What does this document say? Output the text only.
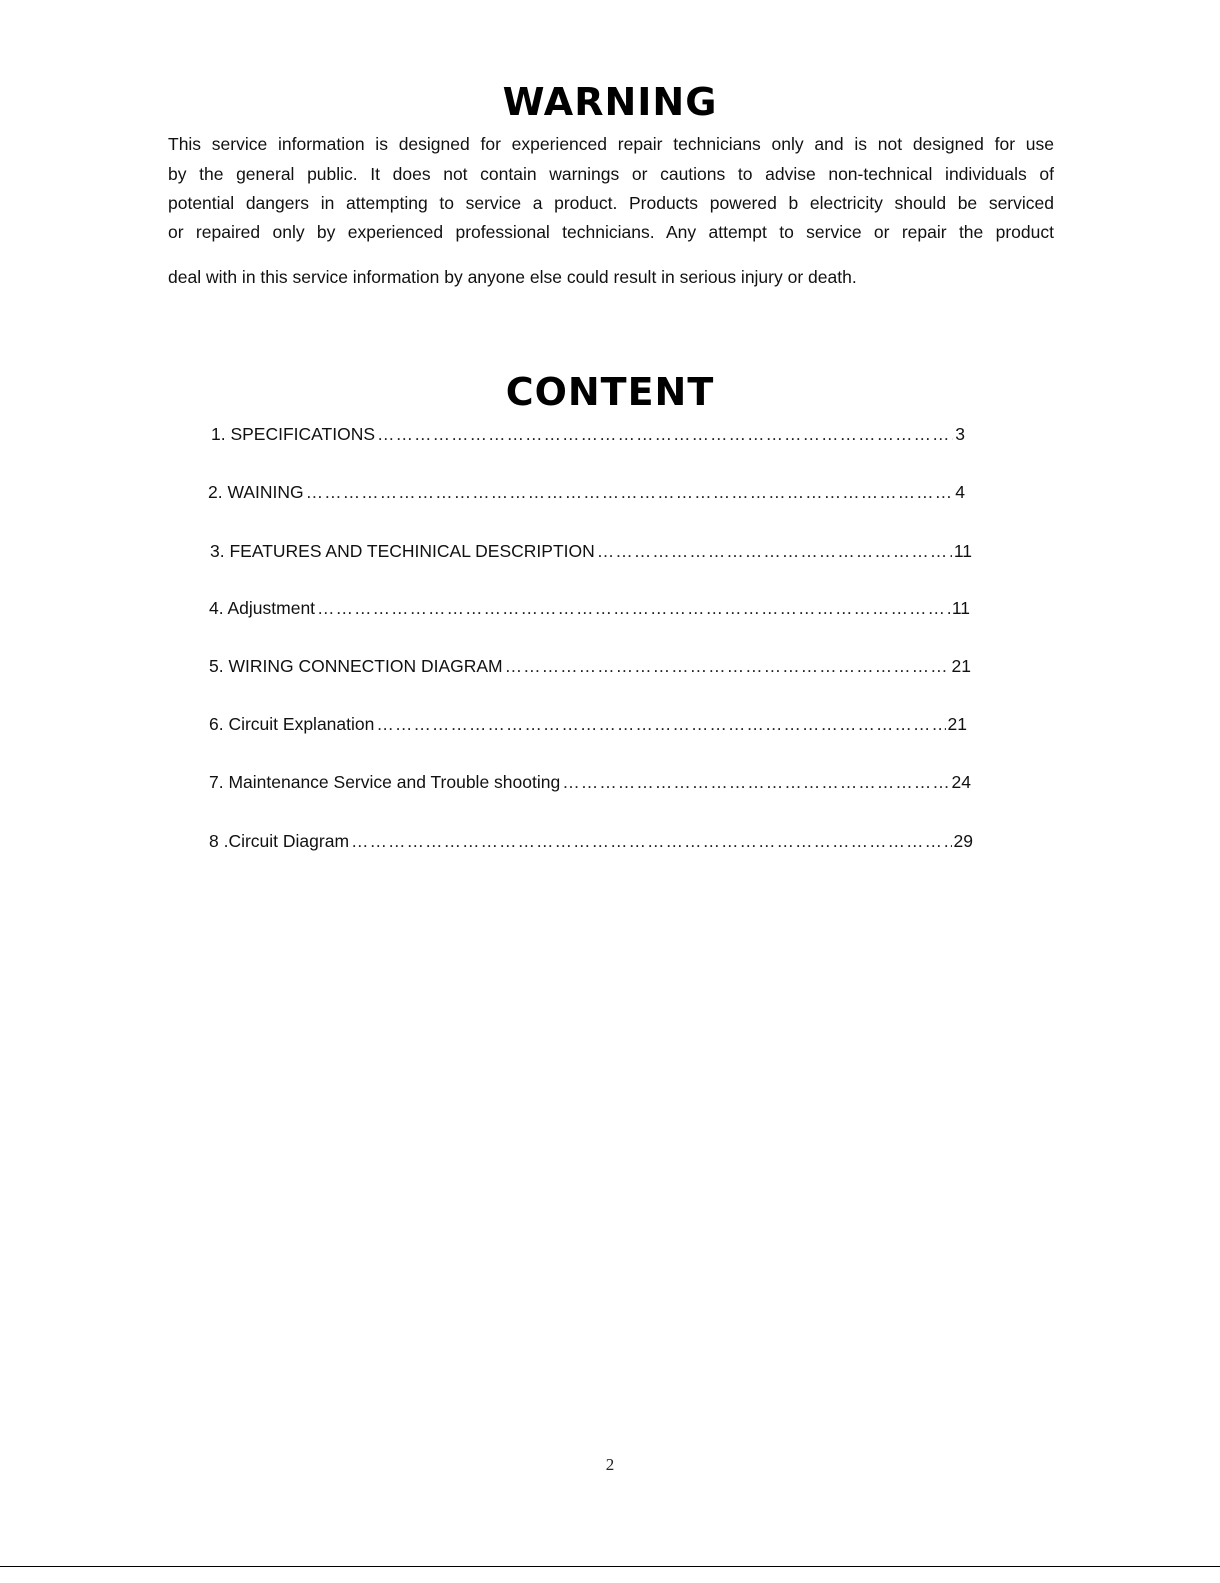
WARNING
This service information is designed for experienced repair technicians only and is not designed for use
by the general public. It does not contain warnings or cautions to advise non-technical individuals of
potential dangers in attempting to service a product. Products powered b electricity should be serviced
or repaired only by experienced professional technicians. Any attempt to service or repair the product
deal with in this service information by anyone else could result in serious injury or death.
CONTENT
1. SPECIFICATIONS ………………………………………………………………………………………………………………………………………………………………	3
2. WAINING ………………………………………………………………………………………………………………………………………………………………	4
3. FEATURES AND TECHINICAL DESCRIPTION ………………………………………………………………………………………………………………………………………………………………	11
4. Adjustment ………………………………………………………………………………………………………………………………………………………………	11
5. WIRING CONNECTION DIAGRAM ………………………………………………………………………………………………………………………………………………………………	21
6. Circuit Explanation ………………………………………………………………………………………………………………………………………………………………	21
7. Maintenance Service and Trouble shooting ………………………………………………………………………………………………………………………………………………………………	24
8 .Circuit Diagram ………………………………………………………………………………………………………………………………………………………………	29
2
